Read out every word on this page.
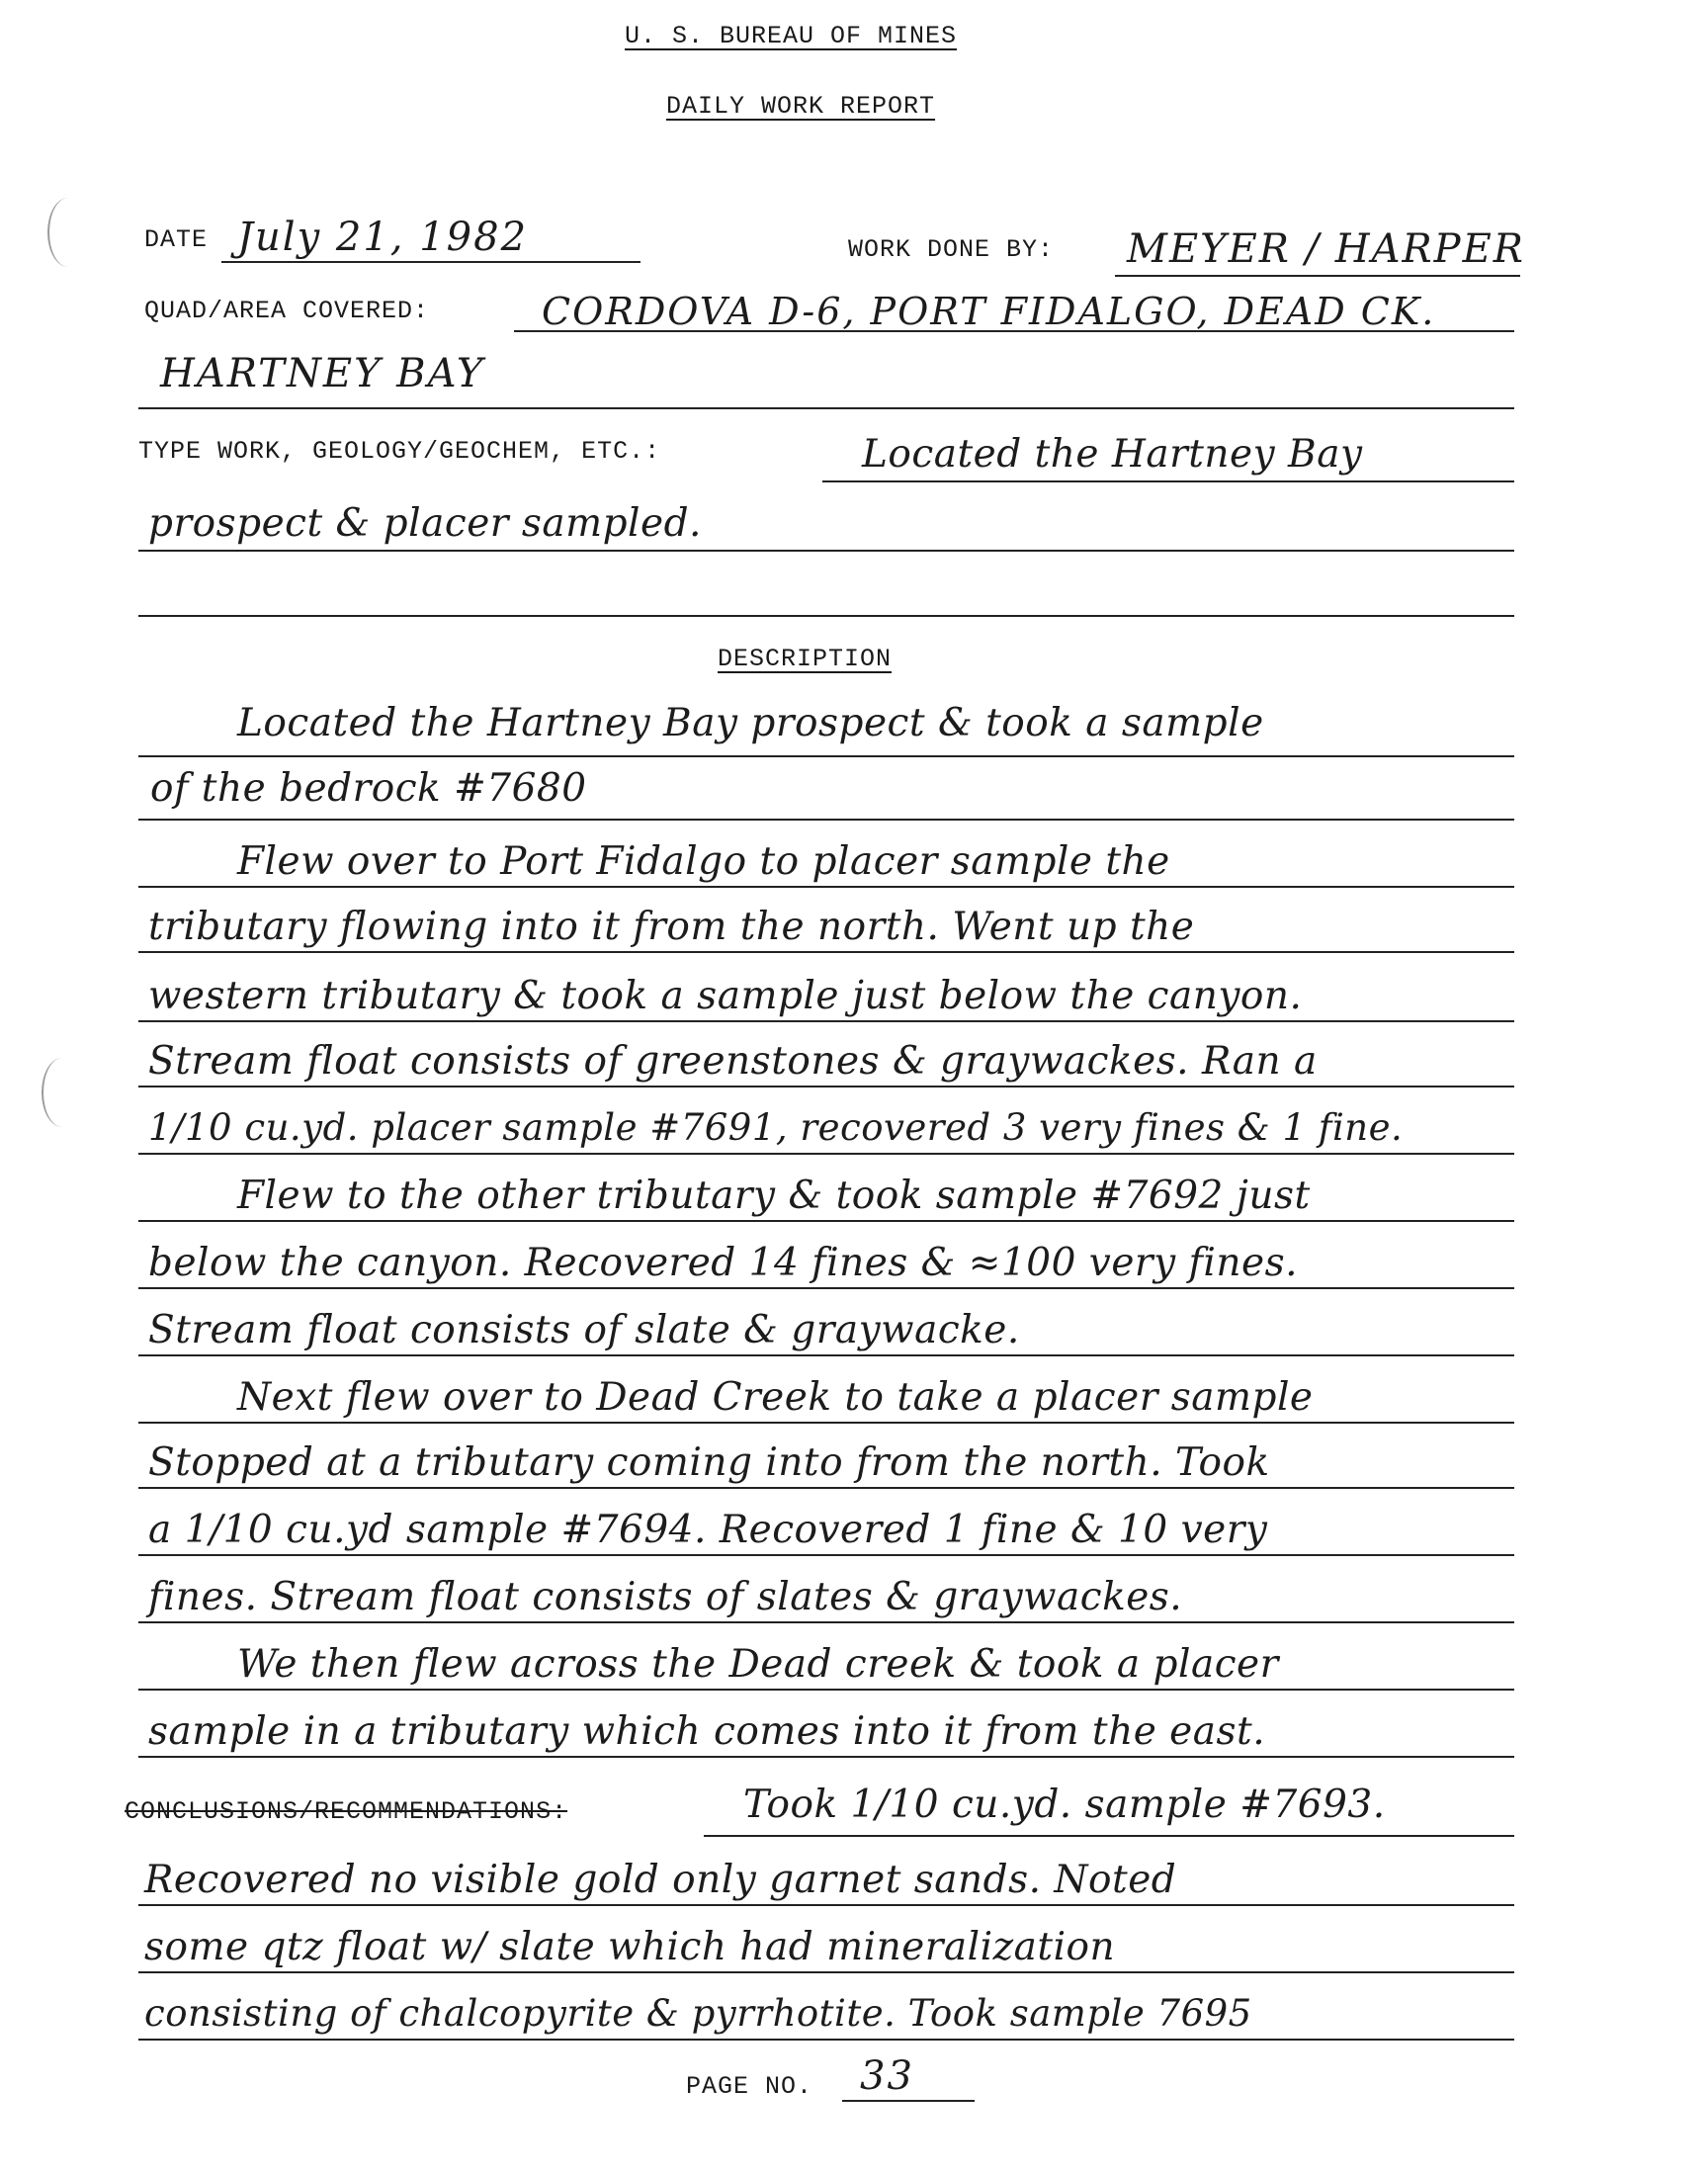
U. S. BUREAU OF MINES
DAILY WORK REPORT
DATE July 21, 1982	WORK DONE BY: MEYER / HARPER
QUAD/AREA COVERED:	CORDOVA D-6, PORT FIDALGO, DEAD CK.
HARTNEY BAY
TYPE WORK, GEOLOGY/GEOCHEM, ETC.:	Located the Hartney Bay
prospect & placer sampled.
DESCRIPTION
Located the Hartney Bay prospect & took a sample
of the bedrock #7680
Flew over to Port Fidalgo to placer sample the
tributary flowing into it from the north. Went up the
western tributary & took a sample just below the canyon.
Stream float consists of greenstones & graywackes. Ran a
1/10 cu.yd. placer sample #7691, recovered 3 very fines & 1 fine.
Flew to the other tributary & took sample #7692 just
below the canyon. Recovered 14 fines & ≈100 very fines.
Stream float consists of slate & graywacke.
Next flew over to Dead Creek to take a placer sample
Stopped at a tributary coming into from the north. Took
a 1/10 cu.yd sample #7694. Recovered 1 fine & 10 very
fines. Stream float consists of slates & graywackes.
We then flew across the Dead creek & took a placer
sample in a tributary which comes into it from the east.
CONCLUSIONS/RECOMMENDATIONS:	Took 1/10 cu.yd. sample #7693.
Recovered no visible gold only garnet sands. Noted
some qtz float w/ slate which had mineralization
consisting of chalcopyrite & pyrrhotite. Took sample 7695
PAGE NO. 33
